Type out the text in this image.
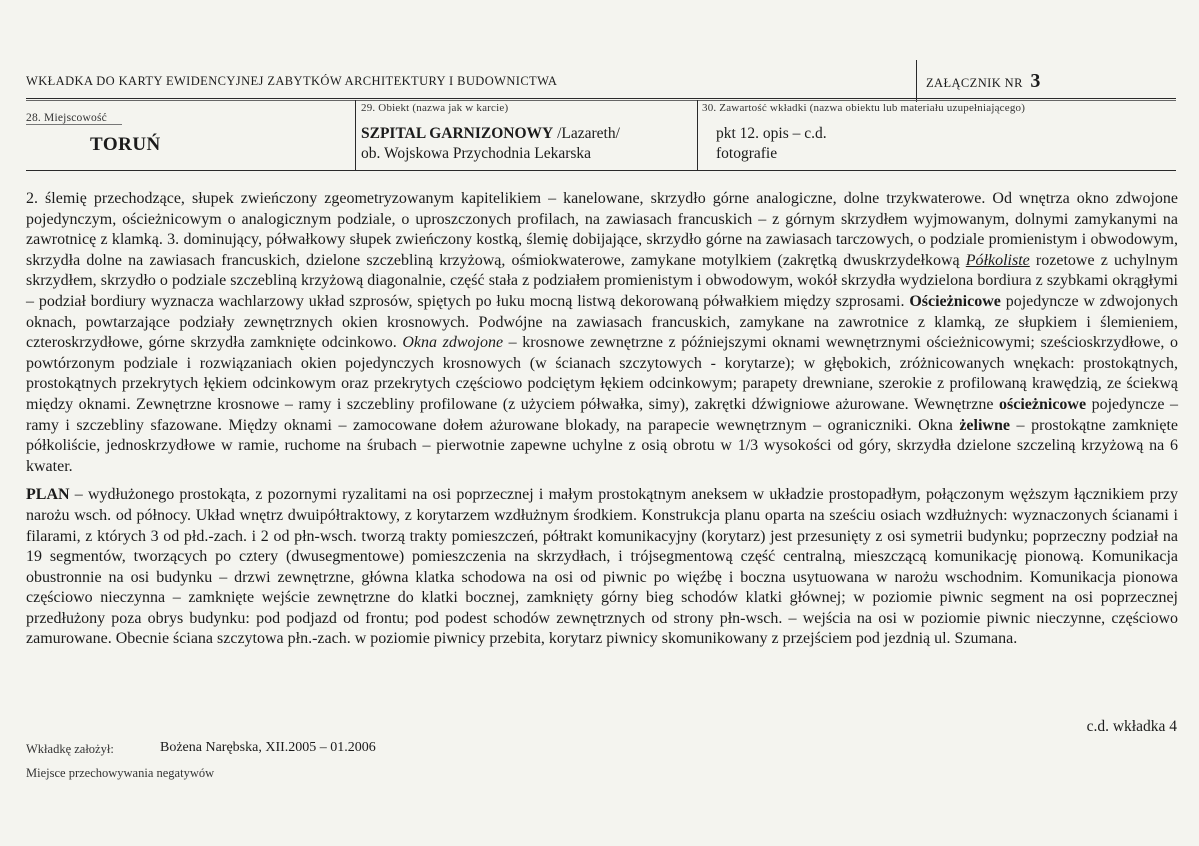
WKŁADKA DO KARTY EWIDENCYJNEJ ZABYTKÓW ARCHITEKTURY I BUDOWNICTWA	ZAŁĄCZNIK NR 3
28. Miejscowość
TORUŃ
29. Obiekt (nazwa jak w karcie)
SZPITAL GARNIZONOWY /Lazareth/
ob. Wojskowa Przychodnia Lekarska
30. Zawartość wkładki (nazwa obiektu lub materiału uzupełniającego)
pkt 12. opis – c.d.
fotografie

2. ślemię przechodzące, słupek zwieńczony zgeometryzowanym kapitelikiem – kanelowane, skrzydło górne analogiczne, dolne trzykwaterowe. Od wnętrza okno zdwojone pojedynczym, ościeżnicowym o analogicznym podziale, o uproszczonych profilach, na zawiasach francuskich – z górnym skrzydłem wyjmowanym, dolnymi zamykanymi na zawrotnicę z klamką. 3. dominujący, półwałkowy słupek zwieńczony kostką, ślemię dobijające, skrzydło górne na zawiasach tarczowych, o podziale promienistym i obwodowym, skrzydła dolne na zawiasach francuskich, dzielone szczebliną krzyżową, ośmiokwaterowe, zamykane motylkiem (zakrętką dwuskrzydełkową Półkoliste rozetowe z uchylnym skrzydłem, skrzydło o podziale szczebliną krzyżową diagonalnie, część stała z podziałem promienistym i obwodowym, wokół skrzydła wydzielona bordiura z szybkami okrągłymi – podział bordiury wyznacza wachlarzowy układ szprosów, spiętych po łuku mocną listwą dekorowaną półwałkiem między szprosami. Ościeżnicowe pojedyncze w zdwojonych oknach, powtarzające podziały zewnętrznych okien krosnowych. Podwójne na zawiasach francuskich, zamykane na zawrotnice z klamką, ze słupkiem i ślemieniem, czteroskrzydłowe, górne skrzydła zamknięte odcinkowo. Okna zdwojone – krosnowe zewnętrzne z późniejszymi oknami wewnętrznymi ościeżnicowymi; sześcioskrzydłowe, o powtórzonym podziale i rozwiązaniach okien pojedynczych krosnowych (w ścianach szczytowych - korytarze); w głębokich, zróżnicowanych wnękach: prostokątnych, prostokątnych przekrytych łękiem odcinkowym oraz przekrytych częściowo podciętym łękiem odcinkowym; parapety drewniane, szerokie z profilowaną krawędzią, ze ściekwą między oknami. Zewnętrzne krosnowe – ramy i szczebliny profilowane (z użyciem półwałka, simy), zakrętki dźwigniowe ażurowane. Wewnętrzne ościeżnicowe pojedyncze – ramy i szczebliny sfazowane. Między oknami – zamocowane dołem ażurowane blokady, na parapecie wewnętrznym – ograniczniki. Okna żeliwne – prostokątne zamknięte półkoliście, jednoskrzydłowe w ramie, ruchome na śrubach – pierwotnie zapewne uchylne z osią obrotu w 1/3 wysokości od góry, skrzydła dzielone szczeliną krzyżową na 6 kwater.

PLAN – wydłużonego prostokąta, z pozornymi ryzalitami na osi poprzecznej i małym prostokątnym aneksem w układzie prostopadłym, połączonym węższym łącznikiem przy narożu wsch. od północy. Układ wnętrz dwuipółtraktowy, z korytarzem wzdłużnym środkiem. Konstrukcja planu oparta na sześciu osiach wzdłużnych: wyznaczonych ścianami i filarami, z których 3 od płd.-zach. i 2 od płn-wsch. tworzą trakty pomieszczeń, półtrakt komunikacyjny (korytarz) jest przesunięty z osi symetrii budynku; poprzeczny podział na 19 segmentów, tworzących po cztery (dwusegmentowe) pomieszczenia na skrzydłach, i trójsegmentową część centralną, mieszczącą komunikację pionową. Komunikacja obustronnie na osi budynku – drzwi zewnętrzne, główna klatka schodowa na osi od piwnic po więźbę i boczna usytuowana w narożu wschodnim. Komunikacja pionowa częściowo nieczynna – zamknięte wejście zewnętrzne do klatki bocznej, zamknięty górny bieg schodów klatki głównej; w poziomie piwnic segment na osi poprzecznej przedłużony poza obrys budynku: pod podjazd od frontu; pod podest schodów zewnętrznych od strony płn-wsch. – wejścia na osi w poziomie piwnic nieczynne, częściowo zamurowane. Obecnie ściana szczytowa płn.-zach. w poziomie piwnicy przebita, korytarz piwnicy skomunikowany z przejściem pod jezdnią ul. Szumana.

c.d. wkładka 4
Wkładkę założył:	Bożena Narębska, XII.2005 – 01.2006
Miejsce przechowywania negatywów
